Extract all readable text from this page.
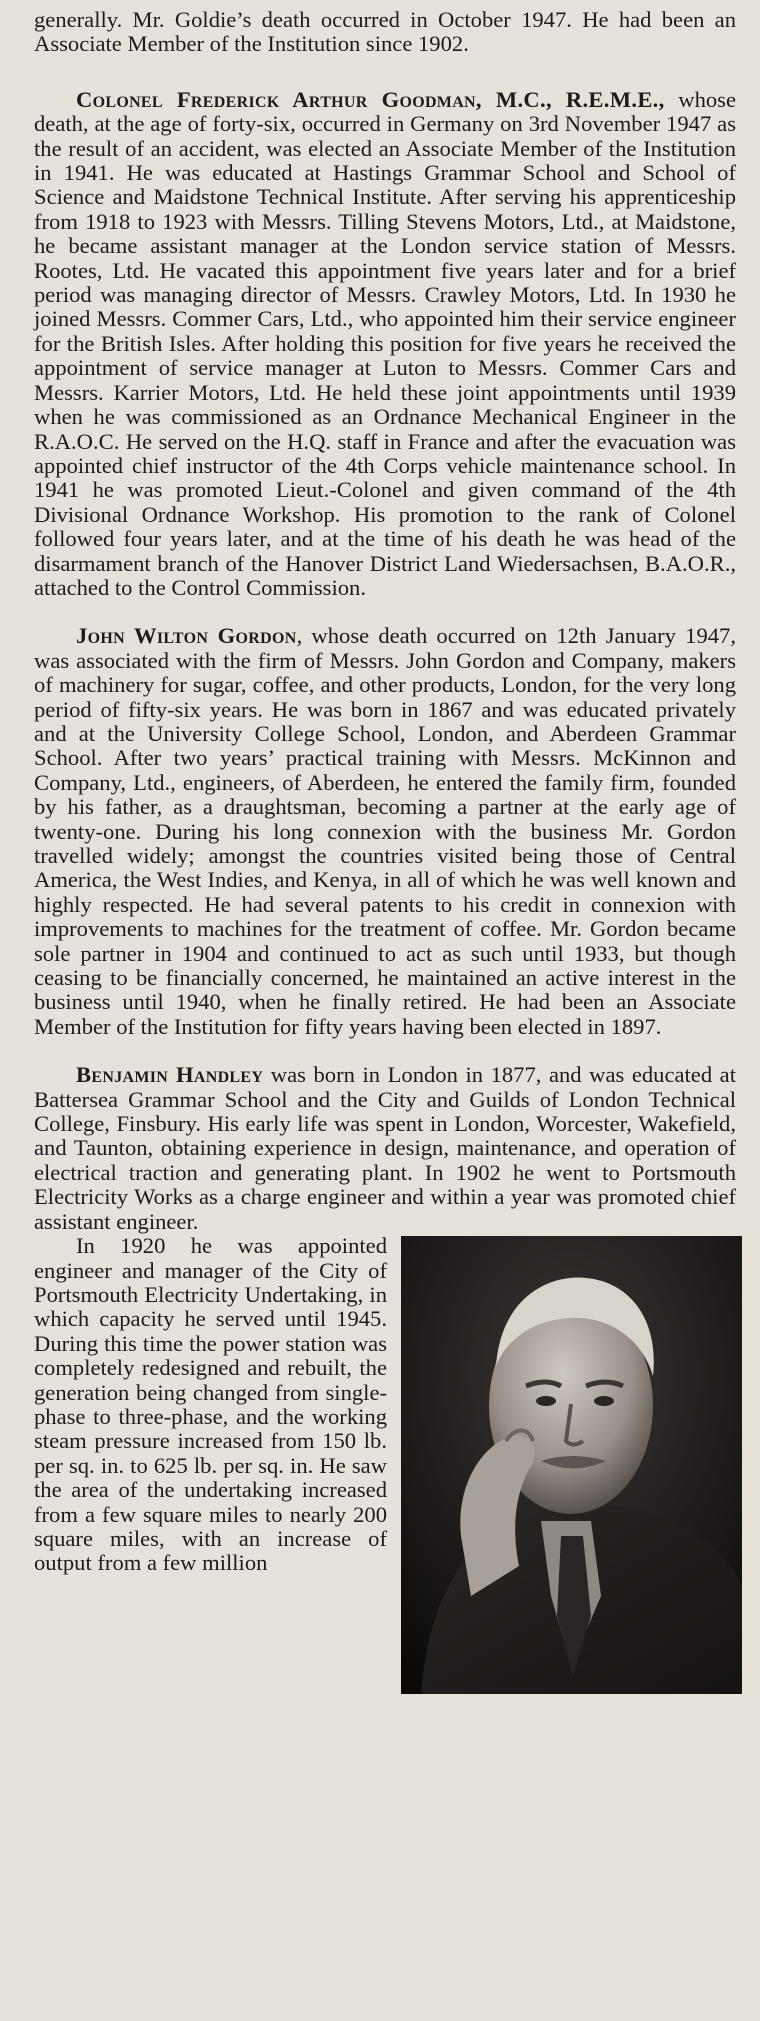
generally. Mr. Goldie’s death occurred in October 1947. He had been an Associate Member of the Institution since 1902.

Colonel Frederick Arthur Goodman, M.C., R.E.M.E., whose death, at the age of forty-six, occurred in Germany on 3rd November 1947 as the result of an accident, was elected an Associate Member of the Institution in 1941. He was educated at Hastings Grammar School and School of Science and Maidstone Technical Institute. After serving his apprenticeship from 1918 to 1923 with Messrs. Tilling Stevens Motors, Ltd., at Maidstone, he became assistant manager at the London service station of Messrs. Rootes, Ltd. He vacated this appointment five years later and for a brief period was managing director of Messrs. Crawley Motors, Ltd. In 1930 he joined Messrs. Commer Cars, Ltd., who appointed him their service engineer for the British Isles. After holding this position for five years he received the appointment of service manager at Luton to Messrs. Commer Cars and Messrs. Karrier Motors, Ltd. He held these joint appointments until 1939 when he was commissioned as an Ordnance Mechanical Engineer in the R.A.O.C. He served on the H.Q. staff in France and after the evacuation was appointed chief instructor of the 4th Corps vehicle maintenance school. In 1941 he was promoted Lieut.-Colonel and given command of the 4th Divisional Ordnance Workshop. His promotion to the rank of Colonel followed four years later, and at the time of his death he was head of the disarmament branch of the Hanover District Land Wiedersachsen, B.A.O.R., attached to the Control Commission.

John Wilton Gordon, whose death occurred on 12th January 1947, was associated with the firm of Messrs. John Gordon and Company, makers of machinery for sugar, coffee, and other products, London, for the very long period of fifty-six years. He was born in 1867 and was educated privately and at the University College School, London, and Aberdeen Grammar School. After two years’ practical training with Messrs. McKinnon and Company, Ltd., engineers, of Aberdeen, he entered the family firm, founded by his father, as a draughtsman, becoming a partner at the early age of twenty-one. During his long connexion with the business Mr. Gordon travelled widely; amongst the countries visited being those of Central America, the West Indies, and Kenya, in all of which he was well known and highly respected. He had several patents to his credit in connexion with improvements to machines for the treatment of coffee. Mr. Gordon became sole partner in 1904 and continued to act as such until 1933, but though ceasing to be financially concerned, he maintained an active interest in the business until 1940, when he finally retired. He had been an Associate Member of the Institution for fifty years having been elected in 1897.

Benjamin Handley was born in London in 1877, and was educated at Battersea Grammar School and the City and Guilds of London Technical College, Finsbury. His early life was spent in London, Worcester, Wakefield, and Taunton, obtaining experience in design, maintenance, and operation of electrical traction and generating plant. In 1902 he went to Portsmouth Electricity Works as a charge engineer and within a year was promoted chief assistant engineer.

In 1920 he was appointed engineer and manager of the City of Portsmouth Electricity Undertaking, in which capacity he served until 1945. During this time the power station was completely redesigned and rebuilt, the generation being changed from single-phase to three-phase, and the working steam pressure increased from 150 lb. per sq. in. to 625 lb. per sq. in. He saw the area of the undertaking increased from a few square miles to nearly 200 square miles, with an increase of output from a few million
